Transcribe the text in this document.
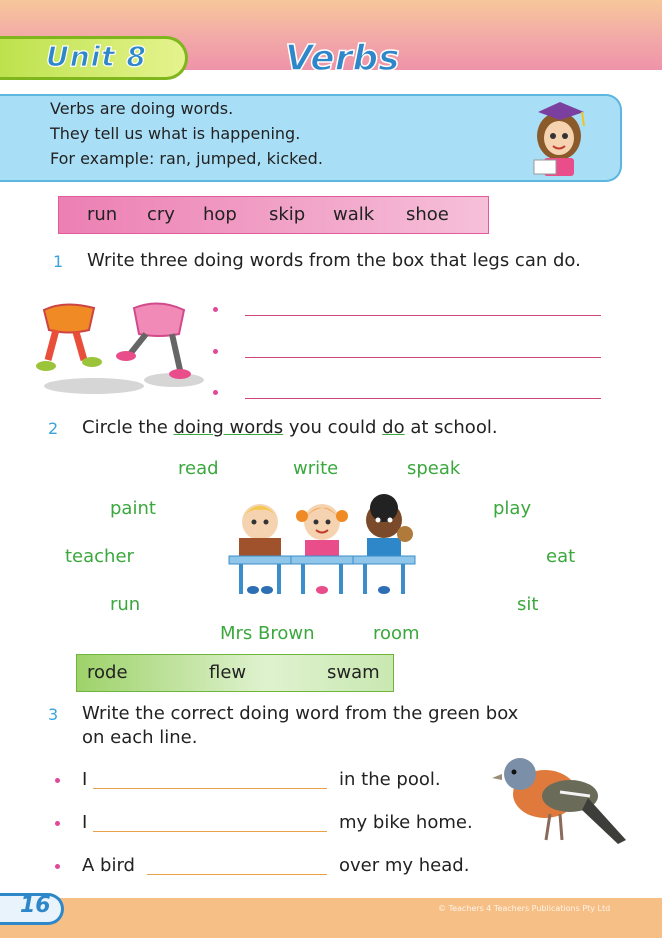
Unit 8	Verbs
Verbs are doing words.
They tell us what is happening.
For example: ran, jumped, kicked.
run cry hop skip walk shoe
1 Write three doing words from the box that legs can do.
2 Circle the doing words you could do at school.
read	write	speak
paint	play
teacher	eat
run	sit
Mrs Brown	room
rode	flew	swam
3 Write the correct doing word from the green box
on each line.
I	in the pool.
I	my bike home.
A bird	over my head.
16	© Teachers 4 Teachers Publications Pty Ltd
